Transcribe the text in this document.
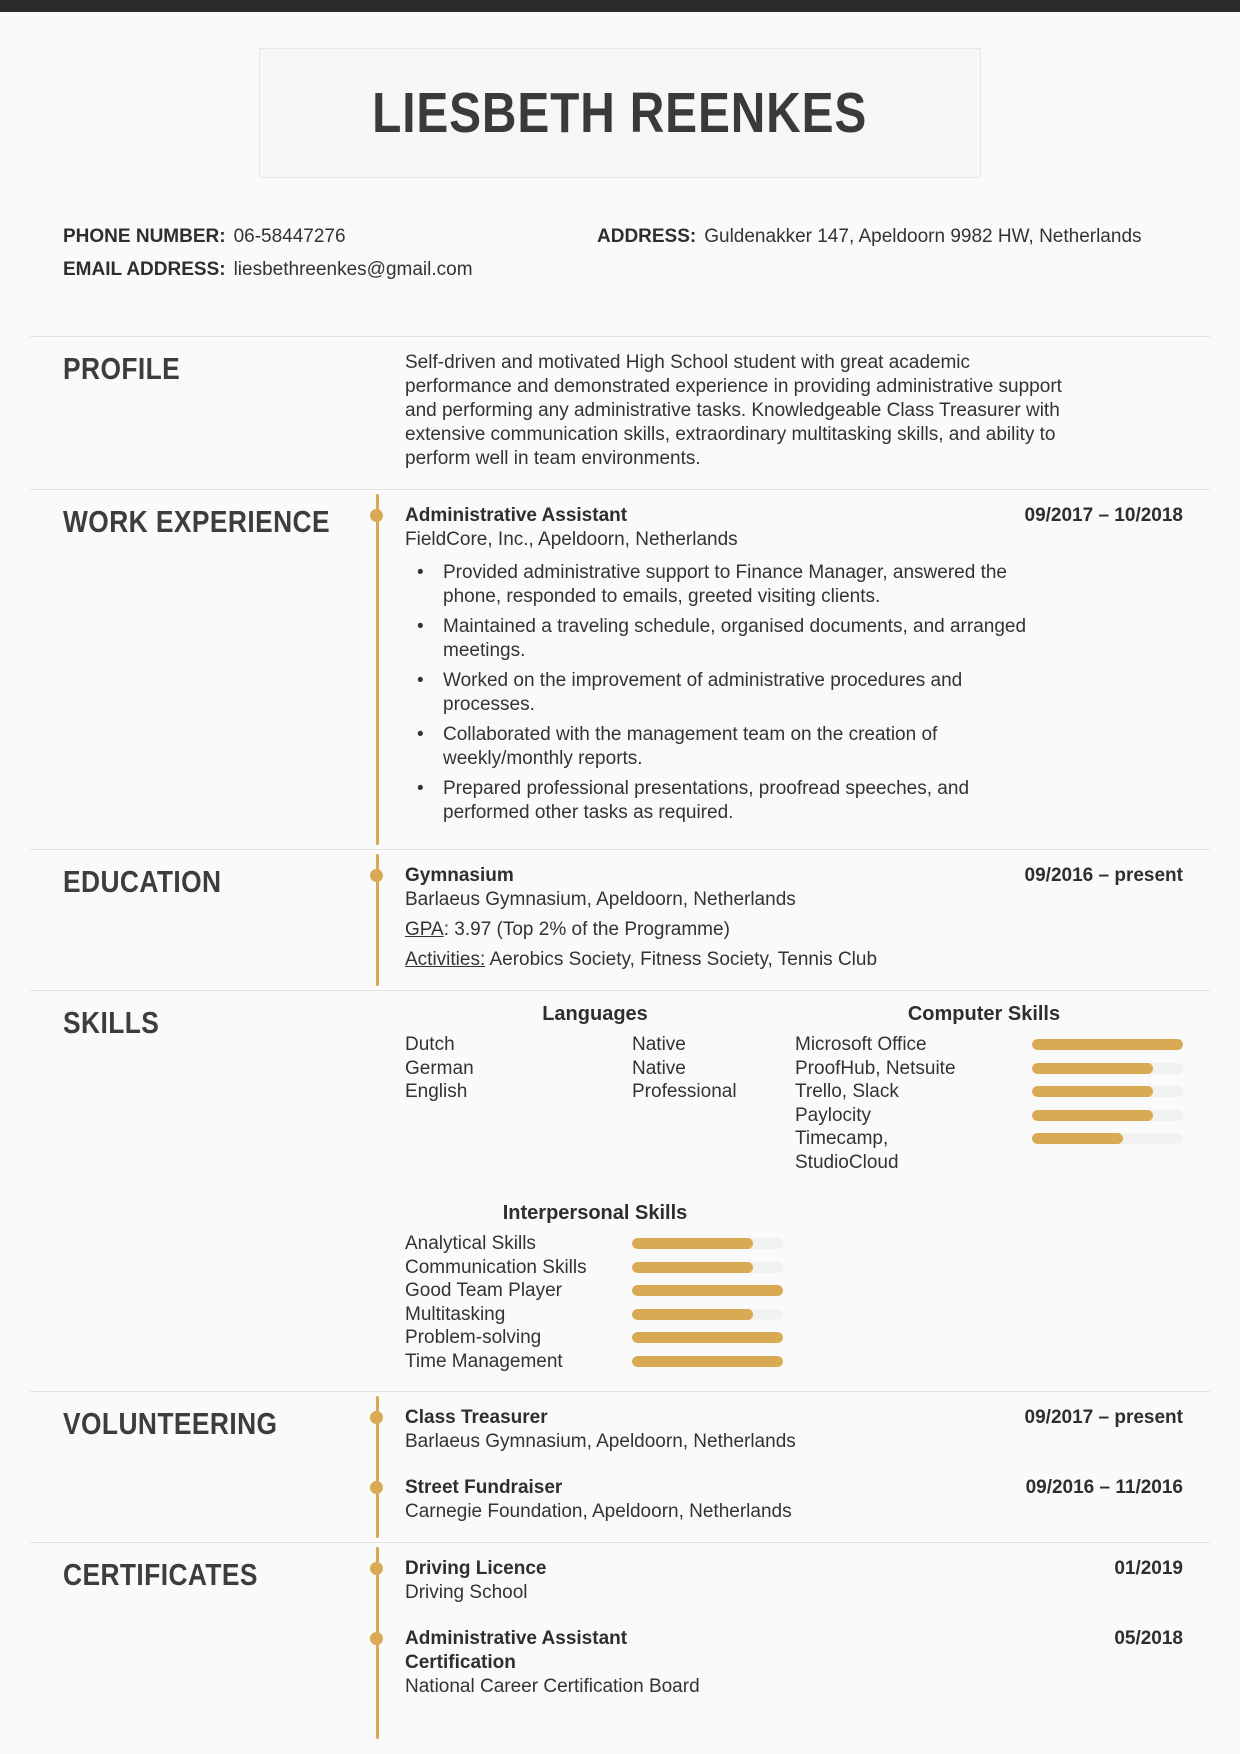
LIESBETH REENKES
PHONE NUMBER: 06-58447276
EMAIL ADDRESS: liesbethreenkes@gmail.com
ADDRESS: Guldenakker 147, Apeldoorn 9982 HW, Netherlands
PROFILE	Self-driven and motivated High School student with great academic performance and demonstrated experience in providing administrative support and performing any administrative tasks. Knowledgeable Class Treasurer with extensive communication skills, extraordinary multitasking skills, and ability to perform well in team environments.

WORK EXPERIENCE	Administrative Assistant	09/2017 – 10/2018
FieldCore, Inc., Apeldoorn, Netherlands
• Provided administrative support to Finance Manager, answered the phone, responded to emails, greeted visiting clients.
• Maintained a traveling schedule, organised documents, and arranged meetings.
• Worked on the improvement of administrative procedures and processes.
• Collaborated with the management team on the creation of weekly/monthly reports.
• Prepared professional presentations, proofread speeches, and performed other tasks as required.
EDUCATION	Gymnasium	09/2016 – present
Barlaeus Gymnasium, Apeldoorn, Netherlands
GPA: 3.97 (Top 2% of the Programme)
Activities: Aerobics Society, Fitness Society, Tennis Club
SKILLS	Languages
Dutch	Native
German	Native
English	Professional
Computer Skills
Microsoft Office
ProofHub, Netsuite
Trello, Slack
Paylocity
Timecamp, StudioCloud
Interpersonal Skills
Analytical Skills
Communication Skills
Good Team Player
Multitasking
Problem-solving
Time Management
VOLUNTEERING	Class Treasurer	09/2017 – present
Barlaeus Gymnasium, Apeldoorn, Netherlands
Street Fundraiser	09/2016 – 11/2016
Carnegie Foundation, Apeldoorn, Netherlands
CERTIFICATES	Driving Licence	01/2019
Driving School
Administrative Assistant Certification
05/2018
National Career Certification Board
